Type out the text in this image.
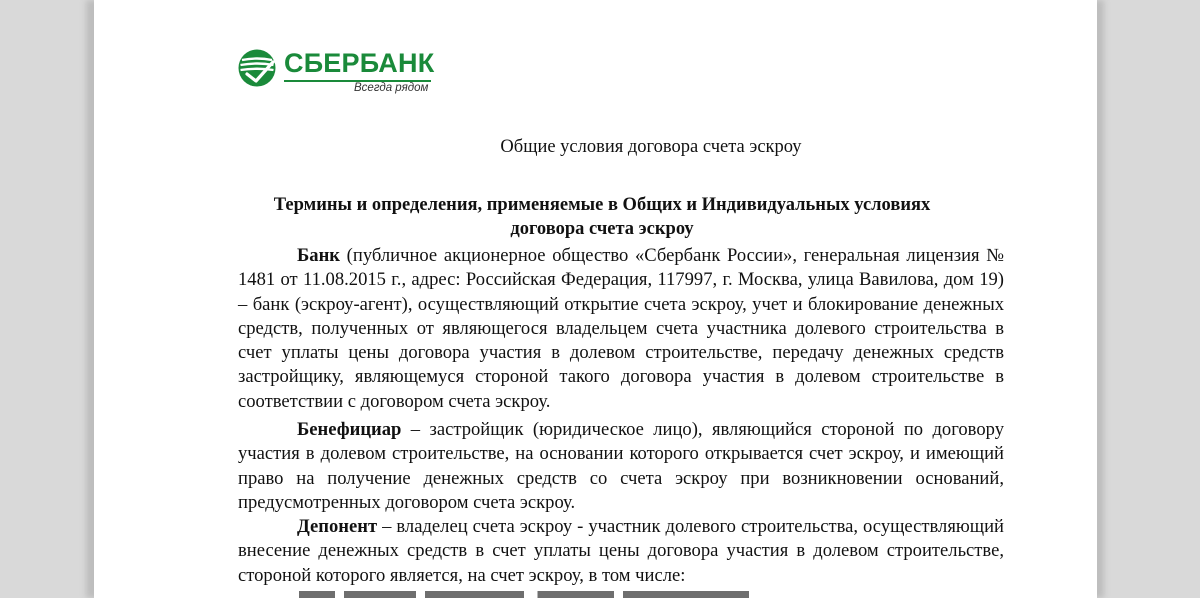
СБЕРБАНК
Всегда рядом
Общие условия договора счета эскроу
Термины и определения, применяемые в Общих и Индивидуальных условиях договора счета эскроу

Банк (публичное акционерное общество «Сбербанк России», генеральная лицензия № 1481 от 11.08.2015 г., адрес: Российская Федерация, 117997, г. Москва, улица Вавилова, дом 19) – банк (эскроу-агент), осуществляющий открытие счета эскроу, учет и блокирование денежных средств, полученных от являющегося владельцем счета участника долевого строительства в счет уплаты цены договора участия в долевом строительстве, передачу денежных средств застройщику, являющемуся стороной такого договора участия в долевом строительстве в соответствии с договором счета эскроу.

Бенефициар – застройщик (юридическое лицо), являющийся стороной по договору участия в долевом строительстве, на основании которого открывается счет эскроу, и имеющий право на получение денежных средств со счета эскроу при возникновении оснований, предусмотренных договором счета эскроу.

Депонент – владелец счета эскроу - участник долевого строительства, осуществляющий внесение денежных средств в счет уплаты цены договора участия в долевом строительстве, стороной которого является, на счет эскроу, в том числе:
